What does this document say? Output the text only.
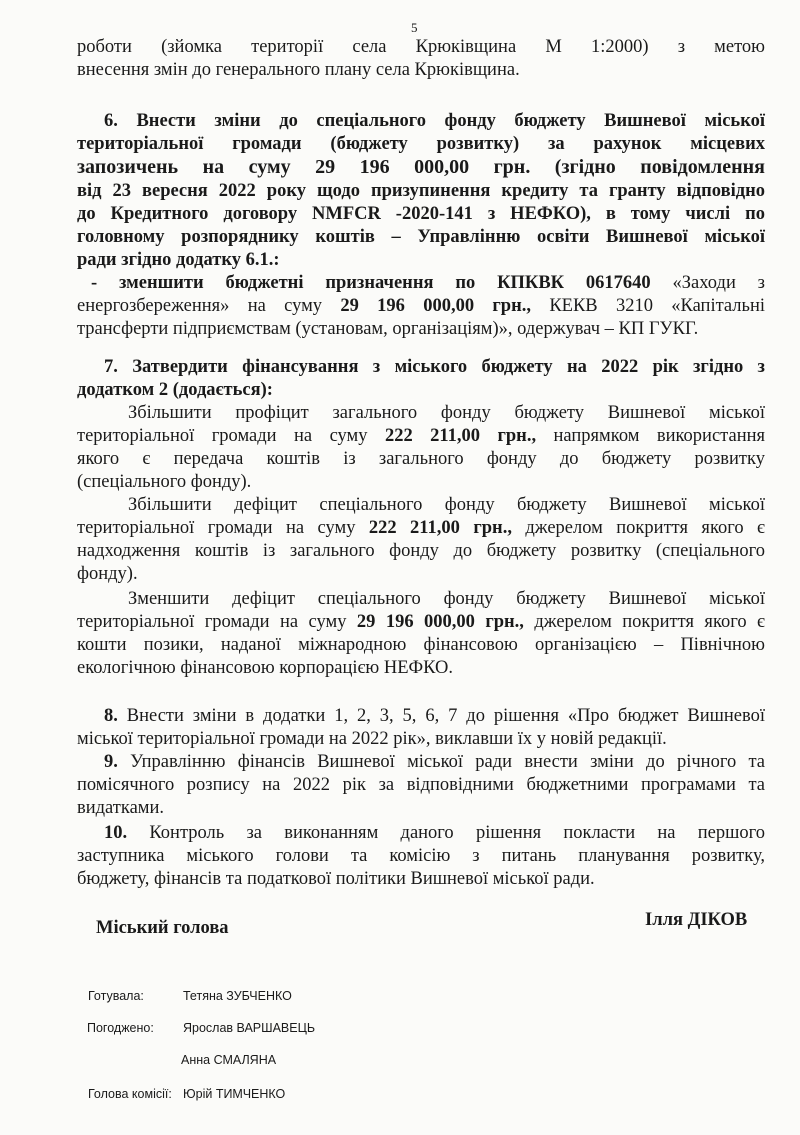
5
роботи (зйомка території села Крюківщина М 1:2000) з метою
внесення змін до генерального плану села Крюківщина.
6. Внести зміни до спеціального фонду бюджету Вишневої міської
територіальної громади (бюджету розвитку) за рахунок місцевих
запозичень на суму 29 196 000,00 грн. (згідно повідомлення
від 23 вересня 2022 року щодо призупинення кредиту та гранту відповідно
до Кредитного договору NMFCR -2020-141 з НЕФКО), в тому числі по
головному розпоряднику коштів – Управлінню освіти Вишневої міської
ради згідно додатку 6.1.:
- зменшити бюджетні призначення по КПКВК 0617640 «Заходи з
енергозбереження» на суму 29 196 000,00 грн., КЕКВ 3210 «Капітальні
трансферти підприємствам (установам, організаціям)», одержувач – КП ГУКГ.
7. Затвердити фінансування з міського бюджету на 2022 рік згідно з
додатком 2 (додається):
Збільшити профіцит загального фонду бюджету Вишневої міської
територіальної громади на суму 222 211,00 грн., напрямком використання
якого є передача коштів із загального фонду до бюджету розвитку
(спеціального фонду).
Збільшити дефіцит спеціального фонду бюджету Вишневої міської
територіальної громади на суму 222 211,00 грн., джерелом покриття якого є
надходження коштів із загального фонду до бюджету розвитку (спеціального
фонду).
Зменшити дефіцит спеціального фонду бюджету Вишневої міської
територіальної громади на суму 29 196 000,00 грн., джерелом покриття якого є
кошти позики, наданої міжнародною фінансовою організацією – Північною
екологічною фінансовою корпорацією НЕФКО.
8. Внести зміни в додатки 1, 2, 3, 5, 6, 7 до рішення «Про бюджет Вишневої
міської територіальної громади на 2022 рік», виклавши їх у новій редакції.
9. Управлінню фінансів Вишневої міської ради внести зміни до річного та
помісячного розпису на 2022 рік за відповідними бюджетними програмами та
видатками.
10. Контроль за виконанням даного рішення покласти на першого
заступника міського голови та комісію з питань планування розвитку,
бюджету, фінансів та податкової політики Вишневої міської ради.
Міський голова	Ілля ДІКОВ
Готувала:	Тетяна ЗУБЧЕНКО
Погоджено: Ярослав ВАРШАВЕЦЬ
Анна СМАЛЯНА
Голова комісії: Юрій ТИМЧЕНКО
